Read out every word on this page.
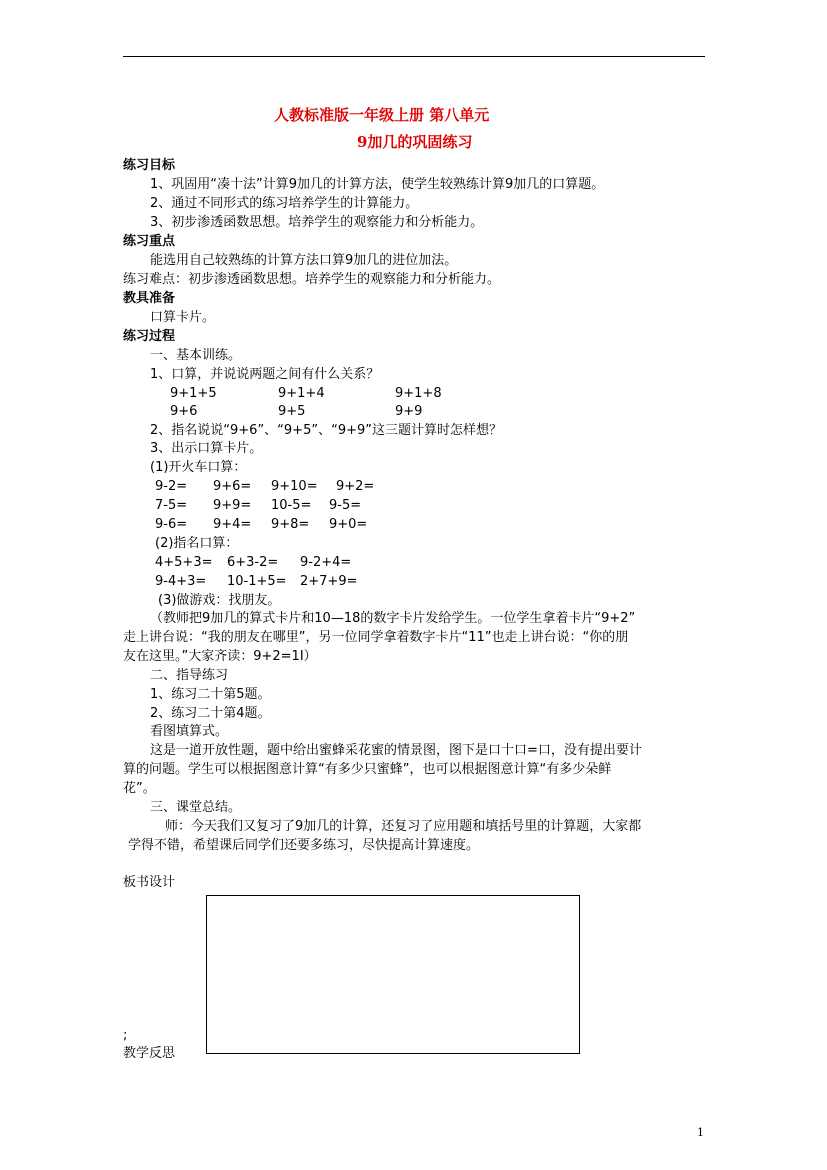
人教标准版一年级上册 第八单元
9加几的巩固练习
练习目标
1、巩固用“凑十法”计算9加几的计算方法，使学生较熟练计算9加几的口算题。
2、通过不同形式的练习培养学生的计算能力。
3、初步渗透函数思想。培养学生的观察能力和分析能力。
练习重点
能选用自己较熟练的计算方法口算9加几的进位加法。
练习难点：初步渗透函数思想。培养学生的观察能力和分析能力。
教具准备
口算卡片。
练习过程
一、基本训练。
1、口算，并说说两题之间有什么关系？
9+1+5	9+1+4	9+1+8
9+6	9+5	9+9
2、指名说说“9+6”、“9+5”、“9+9”这三题计算时怎样想？
3、出示口算卡片。
(1)开火车口算：
9-2= 9+6= 9+10= 9+2=
7-5= 9+9= 10-5= 9-5=
9-6= 9+4= 9+8= 9+0=
(2)指名口算：
4+5+3= 6+3-2= 9-2+4=
9-4+3= 10-1+5= 2+7+9=
(3)做游戏：找朋友。
（教师把9加几的算式卡片和10—18的数字卡片发给学生。一位学生拿着卡片“9+2”
走上讲台说：“我的朋友在哪里”，另一位同学拿着数字卡片“11”也走上讲台说：“你的朋
友在这里。”大家齐读：9+2=1I）
二、指导练习
1、练习二十第5题。
2、练习二十第4题。
看图填算式。
这是一道开放性题，题中给出蜜蜂采花蜜的情景图，图下是口十口=口，没有提出要计
算的问题。学生可以根据图意计算“有多少只蜜蜂”，也可以根据图意计算“有多少朵鲜
花”。
三、课堂总结。
师：今天我们又复习了9加几的计算，还复习了应用题和填括号里的计算题，大家都
学得不错，希望课后同学们还要多练习，尽快提高计算速度。
板书设计
;
教学反思
1
